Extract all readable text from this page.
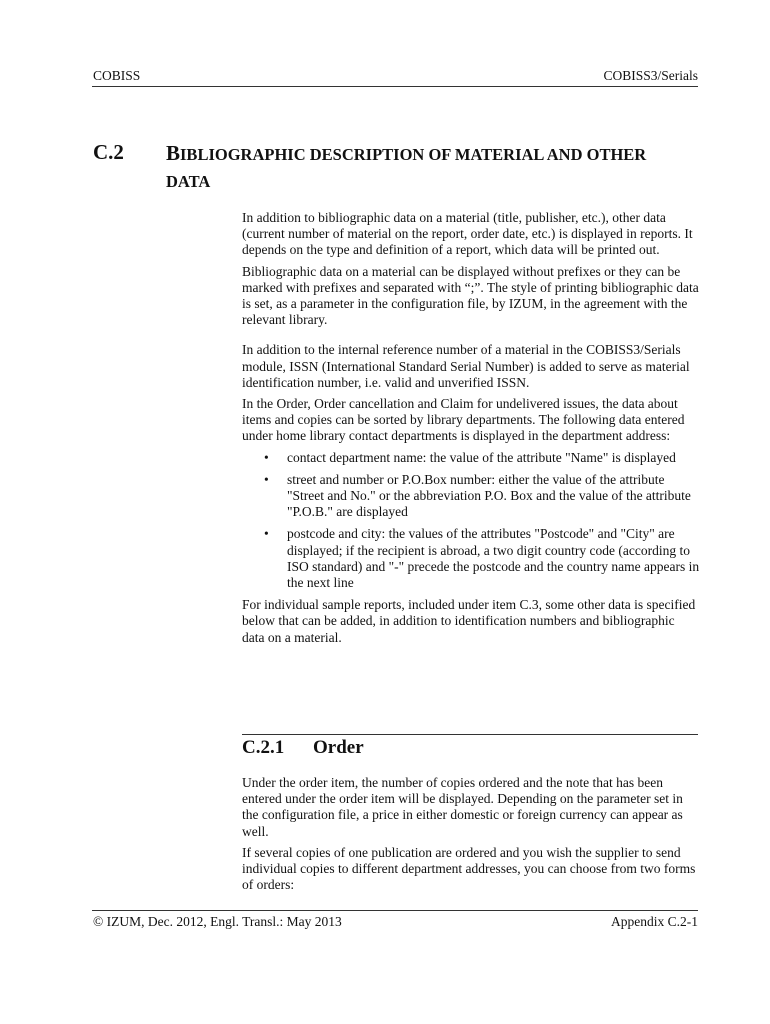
COBISS	COBISS3/Serials
C.2 BIBLIOGRAPHIC DESCRIPTION OF MATERIAL AND OTHER DATA

In addition to bibliographic data on a material (title, publisher, etc.), other data (current number of material on the report, order date, etc.) is displayed in reports. It depends on the type and definition of a report, which data will be printed out.

Bibliographic data on a material can be displayed without prefixes or they can be marked with prefixes and separated with “;”. The style of printing bibliographic data is set, as a parameter in the configuration file, by IZUM, in the agreement with the relevant library.

In addition to the internal reference number of a material in the COBISS3/Serials module, ISSN (International Standard Serial Number) is added to serve as material identification number, i.e. valid and unverified ISSN.

In the Order, Order cancellation and Claim for undelivered issues, the data about items and copies can be sorted by library departments. The following data entered under home library contact departments is displayed in the department address:

• contact department name: the value of the attribute "Name" is displayed
• street and number or P.O.Box number: either the value of the attribute "Street and No." or the abbreviation P.O. Box and the value of the attribute "P.O.B." are displayed
• postcode and city: the values of the attributes "Postcode" and "City" are displayed; if the recipient is abroad, a two digit country code (according to ISO standard) and "-" precede the postcode and the country name appears in the next line

For individual sample reports, included under item C.3, some other data is specified below that can be added, in addition to identification numbers and bibliographic data on a material.

C.2.1 Order

Under the order item, the number of copies ordered and the note that has been entered under the order item will be displayed. Depending on the parameter set in the configuration file, a price in either domestic or foreign currency can appear as well.

If several copies of one publication are ordered and you wish the supplier to send individual copies to different department addresses, you can choose from two forms of orders:

© IZUM, Dec. 2012, Engl. Transl.: May 2013	Appendix C.2-1
